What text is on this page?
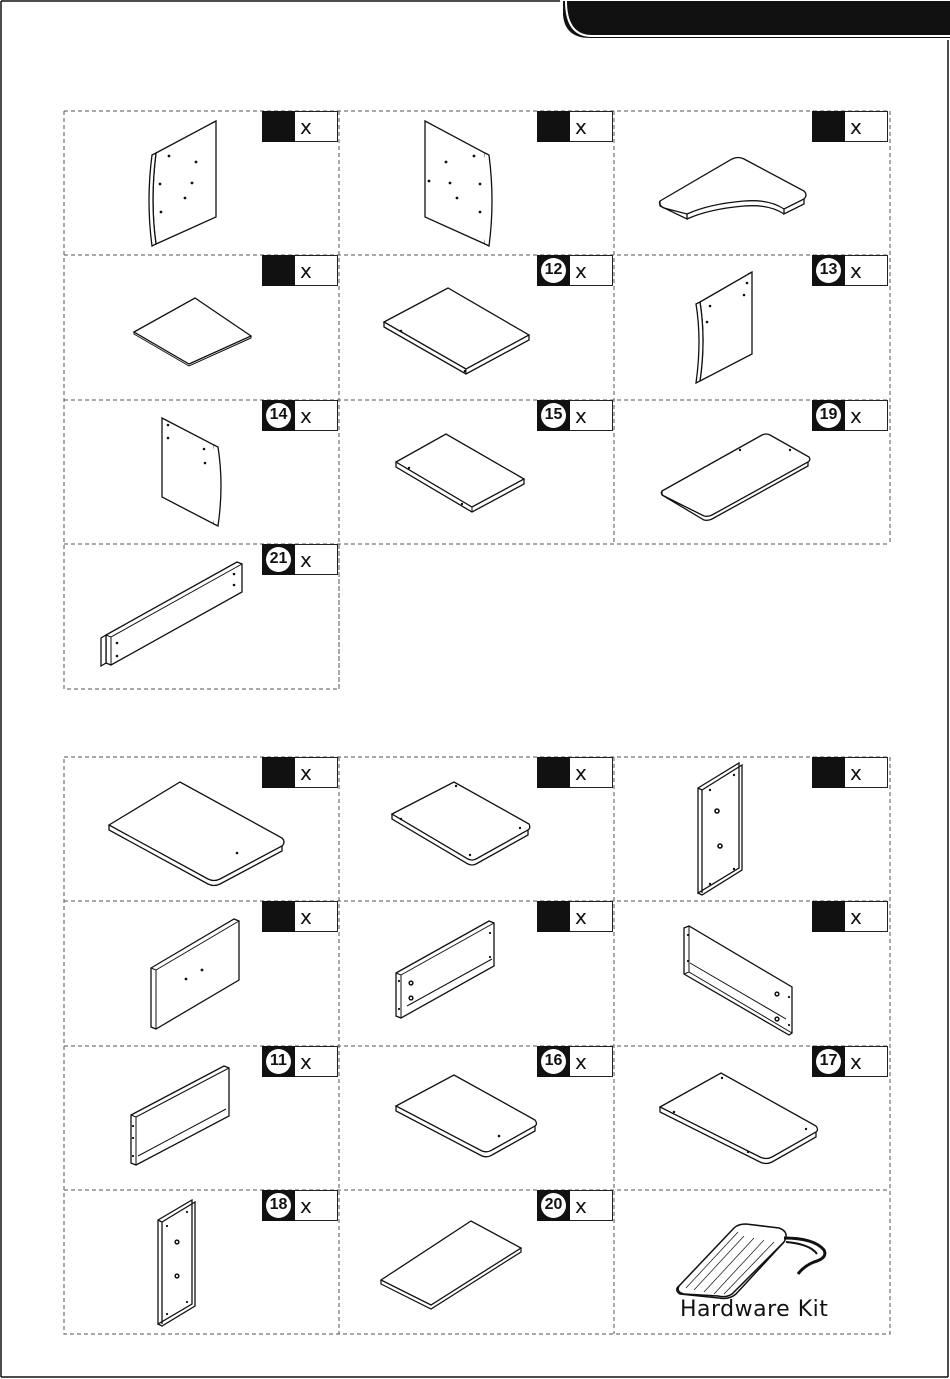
x	x	x
x	12 x	13 x
14 x	15 x	19 x
21 x
x	x	x
x	x	x
11 x	16 x	17 x
18 x	20 x
Hardware Kit
